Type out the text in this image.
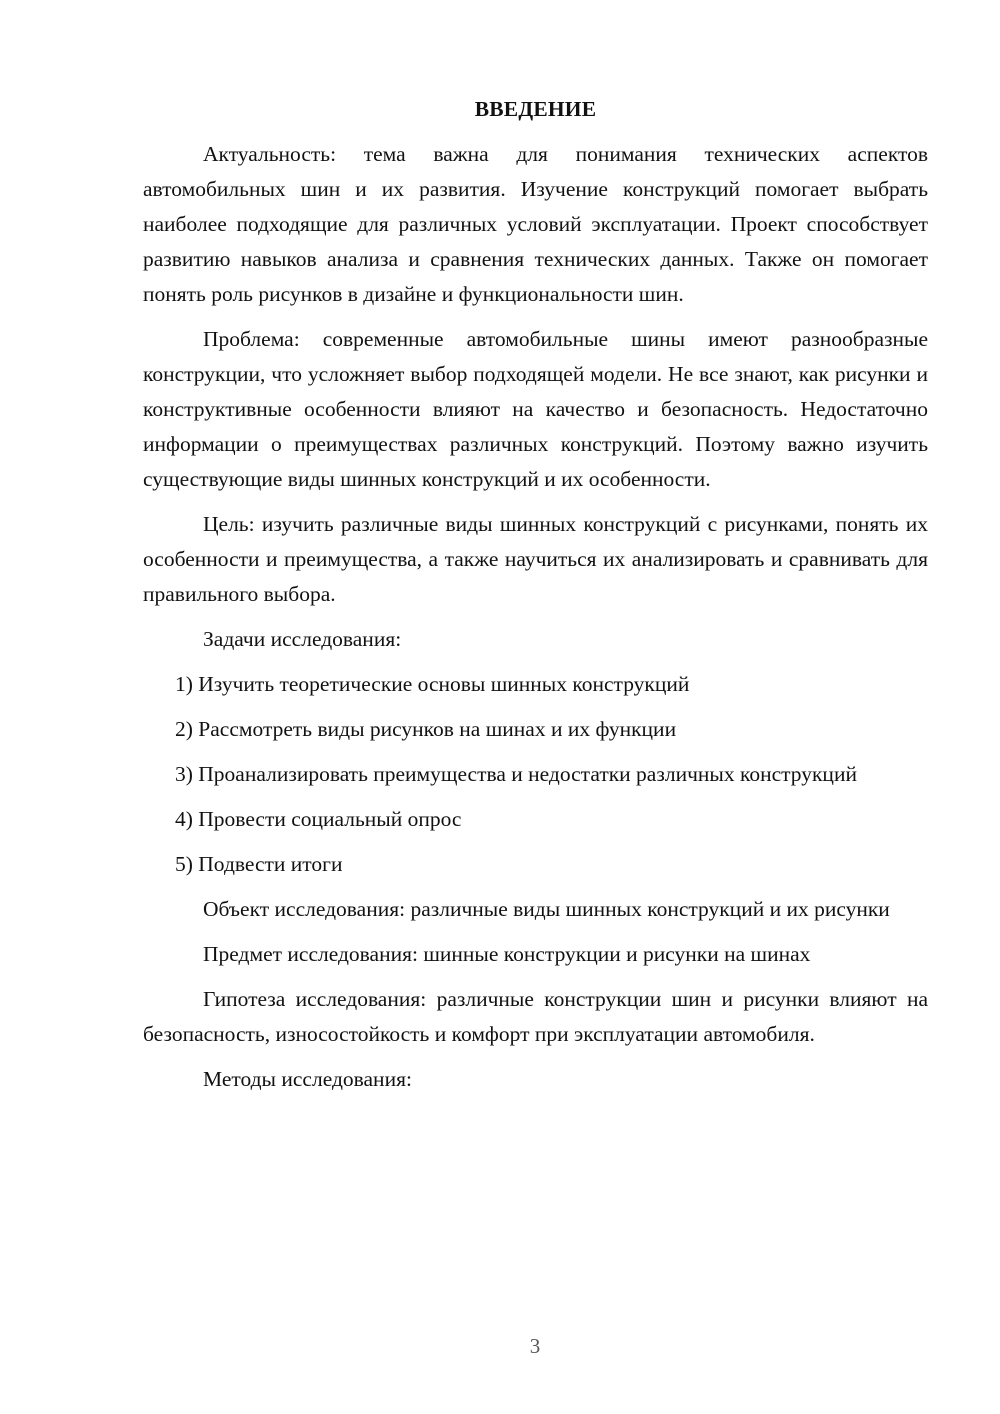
ВВЕДЕНИЕ

Актуальность: тема важна для понимания технических аспектов автомобильных шин и их развития. Изучение конструкций помогает выбрать наиболее подходящие для различных условий эксплуатации. Проект способствует развитию навыков анализа и сравнения технических данных. Также он помогает понять роль рисунков в дизайне и функциональности шин.

Проблема: современные автомобильные шины имеют разнообразные конструкции, что усложняет выбор подходящей модели. Не все знают, как рисунки и конструктивные особенности влияют на качество и безопасность. Недостаточно информации о преимуществах различных конструкций. Поэтому важно изучить существующие виды шинных конструкций и их особенности.

Цель: изучить различные виды шинных конструкций с рисунками, понять их особенности и преимущества, а также научиться их анализировать и сравнивать для правильного выбора.

Задачи исследования:

1) Изучить теоретические основы шинных конструкций

2) Рассмотреть виды рисунков на шинах и их функции

3) Проанализировать преимущества и недостатки различных конструкций

4) Провести социальный опрос

5) Подвести итоги

Объект исследования: различные виды шинных конструкций и их рисунки

Предмет исследования: шинные конструкции и рисунки на шинах

Гипотеза исследования: различные конструкции шин и рисунки влияют на безопасность, износостойкость и комфорт при эксплуатации автомобиля.

Методы исследования:

3
